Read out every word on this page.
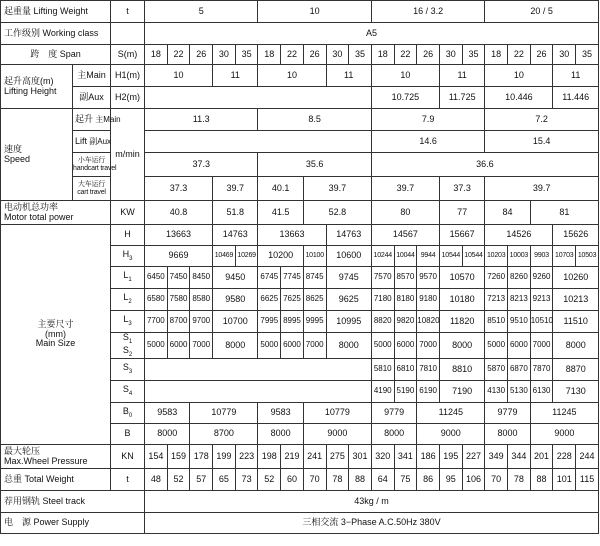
起重量 Lifting Weight		t	5					10					16 / 3.2					20 / 5				
工作级别 Working class			A5																			
跨　度 Span		S(m)	18	22	26	30	35	18	22	26	30	35	18	22	26	30	35	18	22	26	30	35

起升高度(m)
Lifting Height	主Main	H1(m)	10			11		10			11		10			11		10			11	
	副Aux	H2(m)											10.725			11.725		10.446			11.446	

速度
Speed	起升 主Main	m/min	11.3					8.5					7.9					7.2				
	Lift 副Aux												14.6					15.4				

	小车运行
handcart travel		37.3					35.6					36.6									

	大车运行
cart travel		37.3			39.7		40.1		39.7			39.7			37.3		39.7				

电动机总功率
Motor total power		KW	40.8			51.8		41.5		52.8			80			77		84		81		

主要尺寸
(mm)
Main Size		H	13663			14763		13663			14763		14567			15667		14526			15626	
		$H_3$	9669			10469	10269	10200		10100	10600		10244	10044	9944	10544	10544	10203	10003	9903	10703	10503
		$L_1$	6450	7450	8450	9450		6745	7745	8745	9745		7570	8570	9570	10570		7260	8260	9260	10260	
		$L_2$	6580	7580	8580	9580		6625	7625	8625	9625		7180	8180	9180	10180		7213	8213	9213	10213	
		$L_3$	7700	8700	9700	10700		7995	8995	9995	10995		8820	9820	10820	11820		8510	9510	10510	11510	
		$S_1$
$S_2$	5000	6000	7000	8000		5000	6000	7000	8000		5000	6000	7000	8000		5000	6000	7000	8000	
		$S_3$											5810	6810	7810	8810		5870	6870	7870	8870	
		$S_4$											4190	5190	6190	7190		4130	5130	6130	7130	
		$B_0$	9583		10779			9583		10779			9779		11245			9779		11245		
		B	8000		8700			8000		9000			8000		9000			8000		9000		

最大轮压
Max.Wheel Pressure		KN	154	159	178	199	223	198	219	241	275	301	320	341	186	195	227	349	344	201	228	244
总重 Total Weight		t	48	52	57	65	73	52	60	70	78	88	64	75	86	95	106	70	78	88	101	115
荐用钢轨 Steel track			43kg / m																			
电　源 Power Supply			三相交流 3−Phase A.C.50Hz 380V																			
